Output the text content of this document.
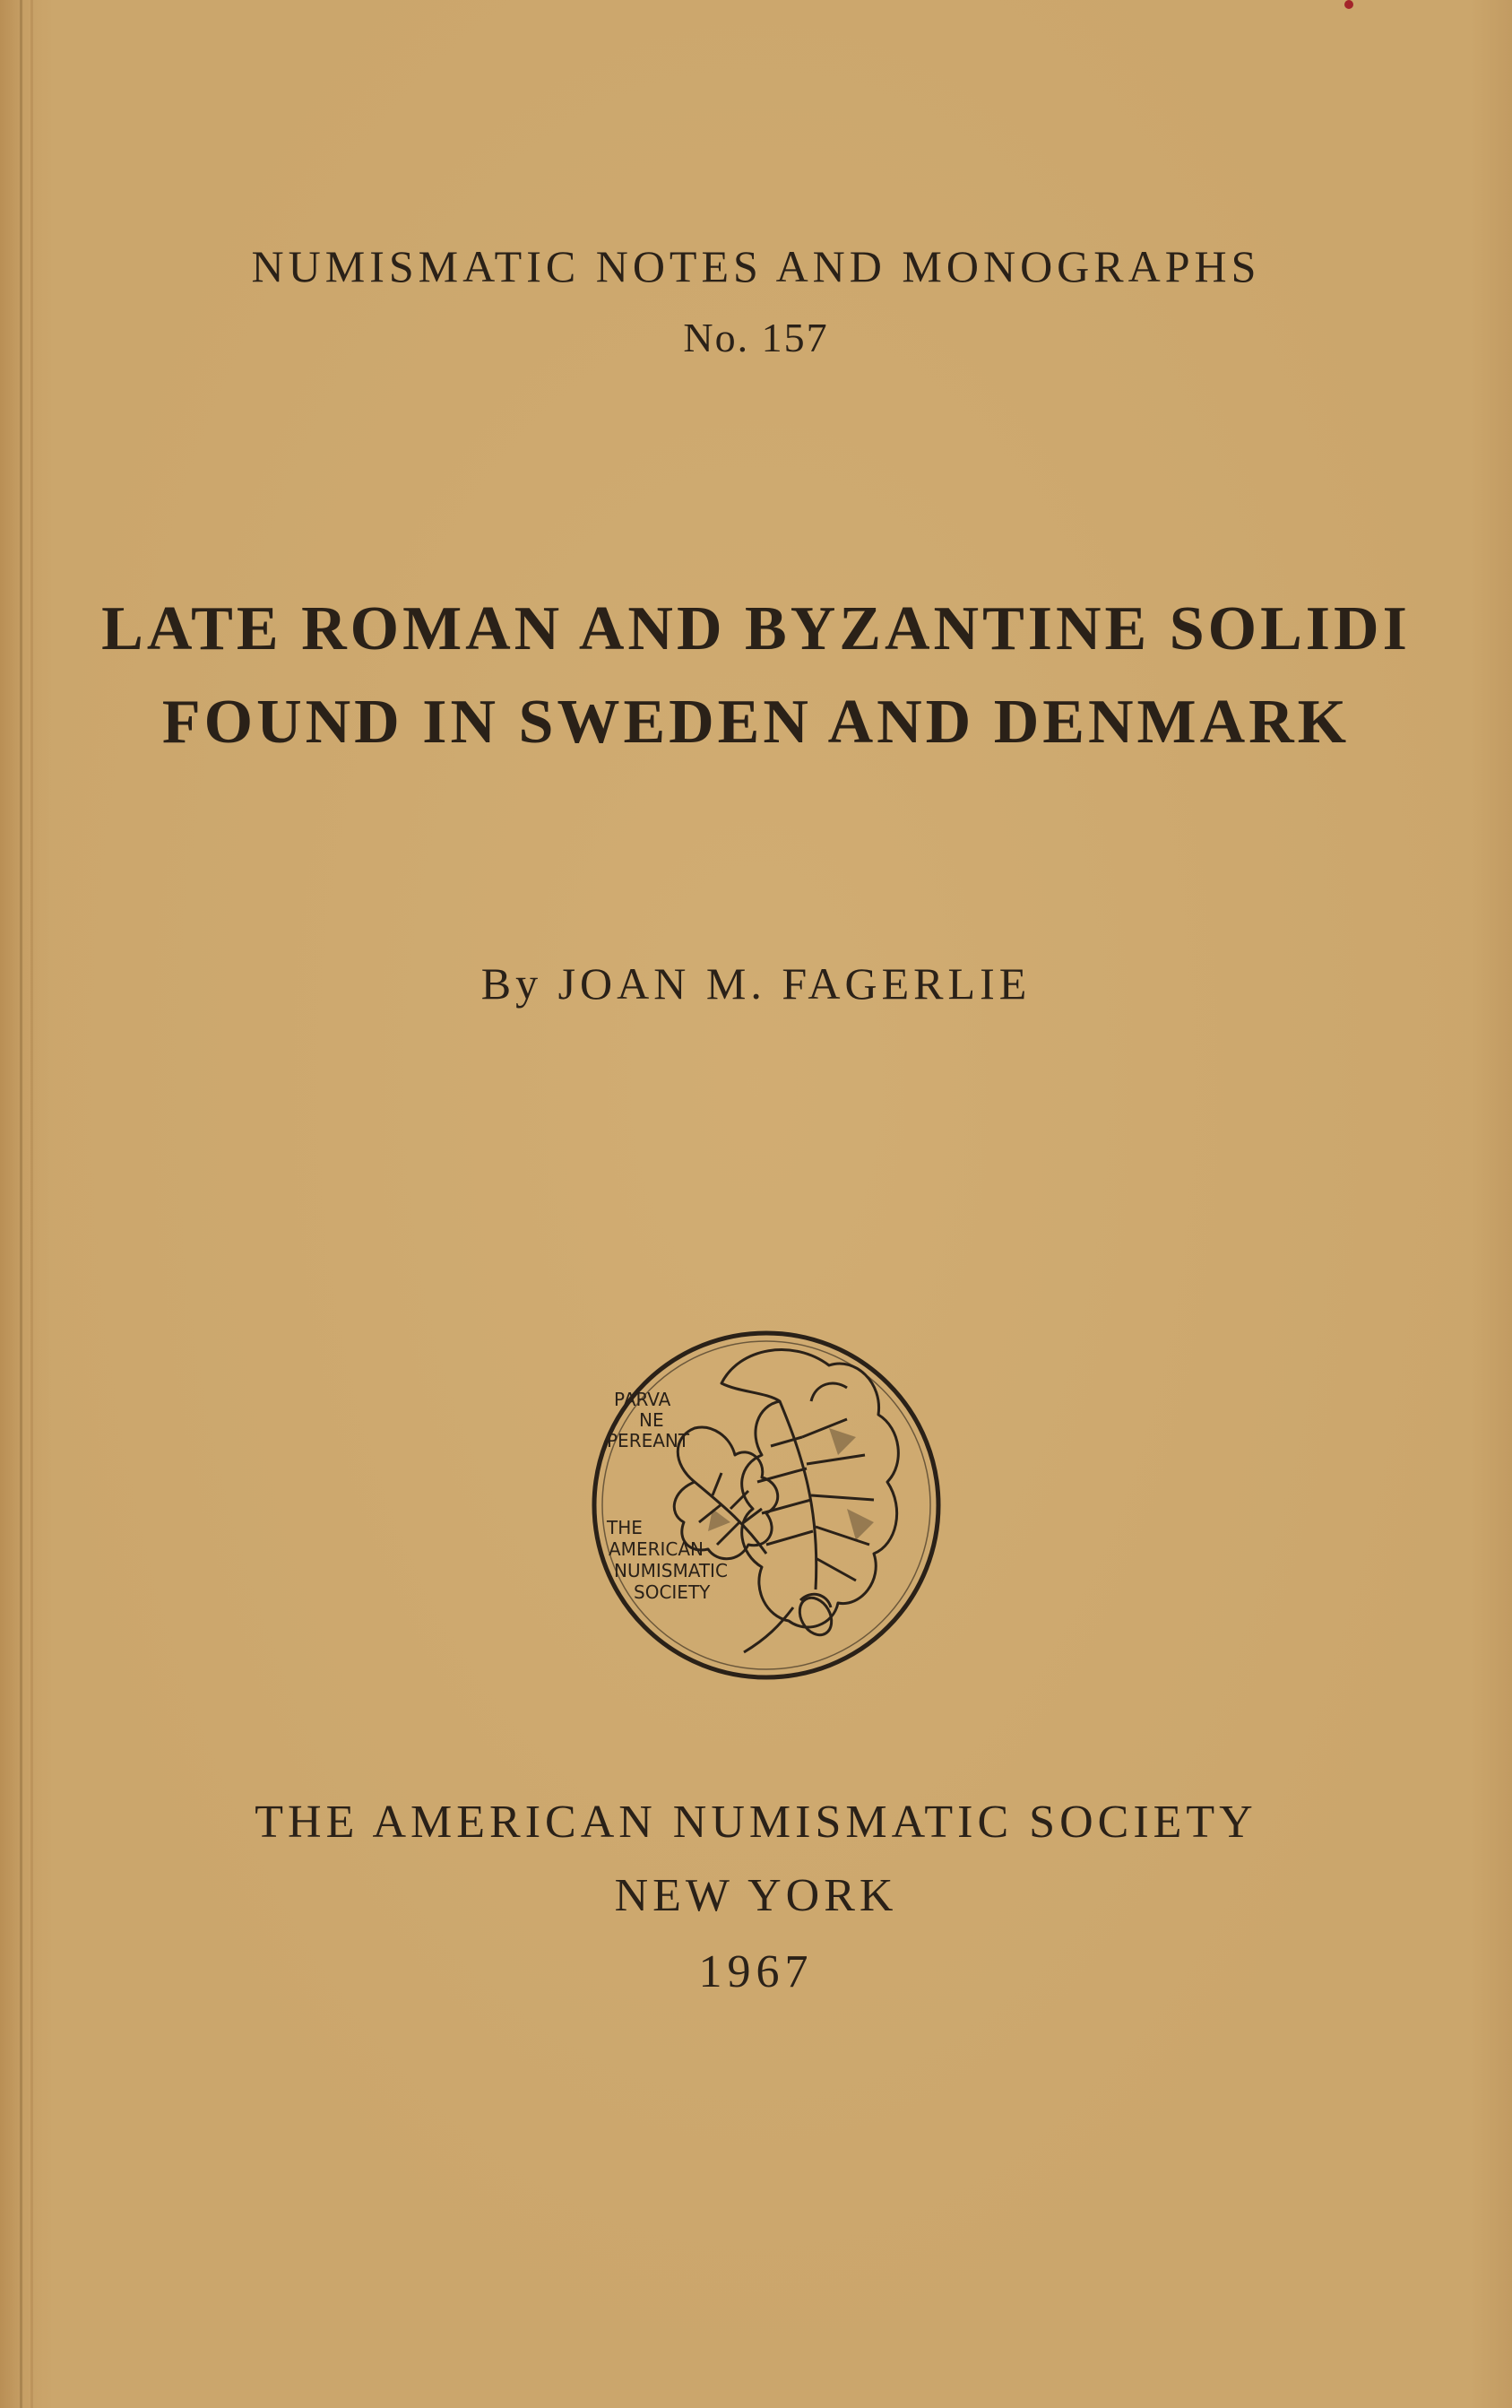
NUMISMATIC NOTES AND MONOGRAPHS
No. 157
LATE ROMAN AND BYZANTINE SOLIDI
FOUND IN SWEDEN AND DENMARK
By JOAN M. FAGERLIE
PARVA
NE
PEREANT
THE
AMERICAN
NUMISMATIC
SOCIETY
THE AMERICAN NUMISMATIC SOCIETY
NEW YORK
1967
